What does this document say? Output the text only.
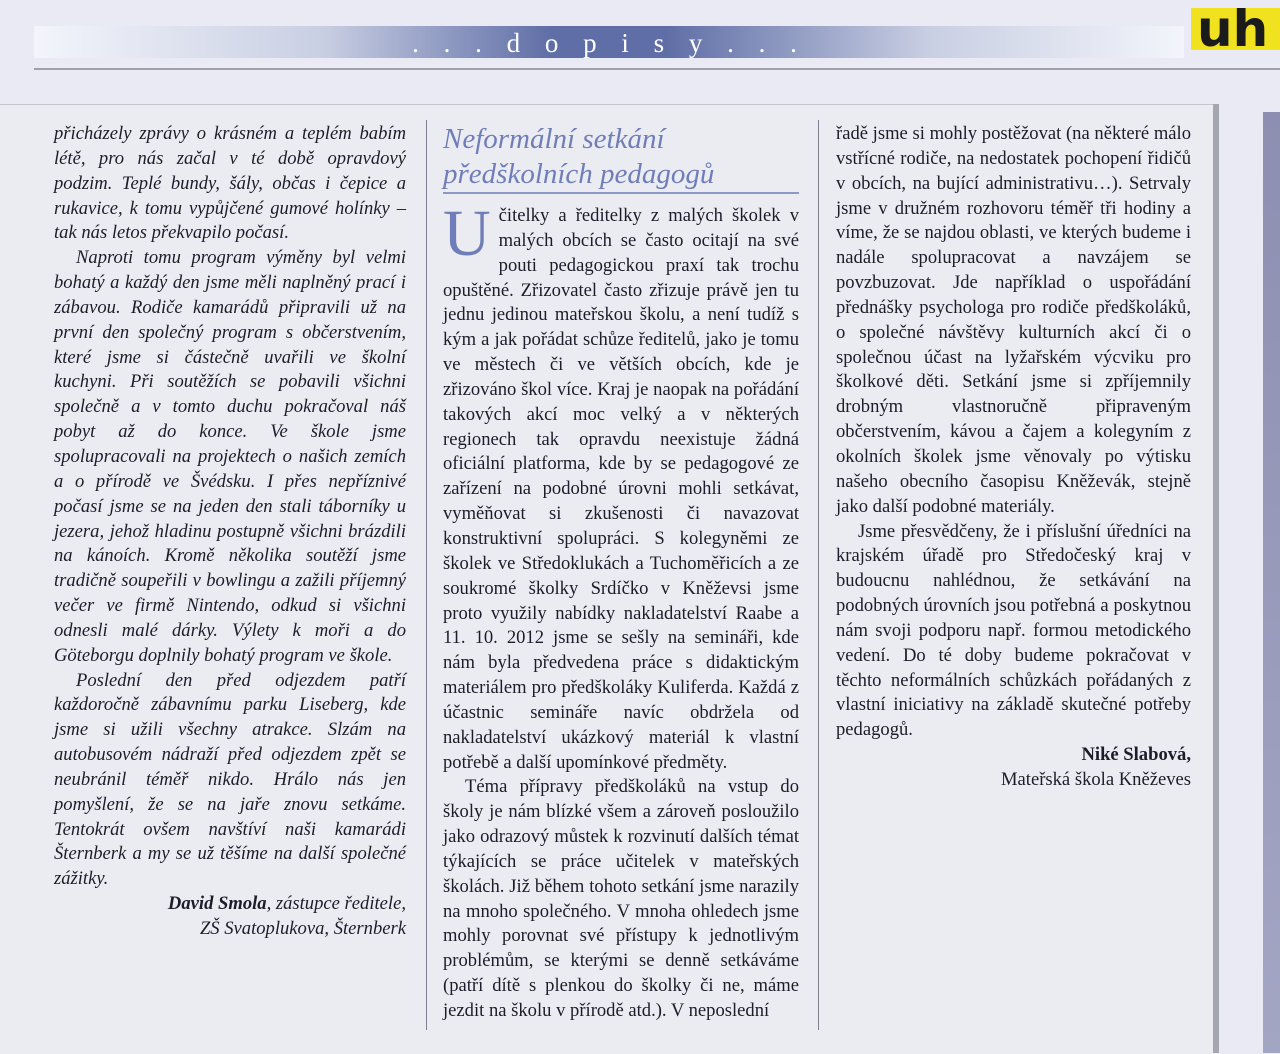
. . . d o p i s y . . .	uh

přicházely zprávy o krásném a teplém babím létě, pro nás začal v té době opravdový podzim. Teplé bundy, šály, občas i čepice a rukavice, k tomu vypůjčené gumové holínky – tak nás letos překvapilo počasí.

Naproti tomu program výměny byl velmi bohatý a každý den jsme měli naplněný prací i zábavou. Rodiče kamarádů připravili už na první den společný program s občerstvením, které jsme si částečně uvařili ve školní kuchyni. Při soutěžích se pobavili všichni společně a v tomto duchu pokračoval náš pobyt až do konce. Ve škole jsme spolupracovali na projektech o našich zemích a o přírodě ve Švédsku. I přes nepříznivé počasí jsme se na jeden den stali táborníky u jezera, jehož hladinu postupně všichni brázdili na kánoích. Kromě několika soutěží jsme tradičně soupeřili v bowlingu a zažili příjemný večer ve firmě Nintendo, odkud si všichni odnesli malé dárky. Výlety k moři a do Göteborgu doplnily bohatý program ve škole.

Poslední den před odjezdem patří každoročně zábavnímu parku Liseberg, kde jsme si užili všechny atrakce. Slzám na autobusovém nádraží před odjezdem zpět se neubránil téměř nikdo. Hrálo nás jen pomyšlení, že se na jaře znovu setkáme. Tentokrát ovšem navštíví naši kamarádi Šternberk a my se už těšíme na další společné zážitky.

David Smola, zástupce ředitele,

ZŠ Svatoplukova, Šternberk

Neformální setkání
předškolních pedagogů

Učitelky a ředitelky z malých školek v malých obcích se často ocitají na své pouti pedagogickou praxí tak trochu opuštěné. Zřizovatel často zřizuje právě jen tu jednu jedinou mateřskou školu, a není tudíž s kým a jak pořádat schůze ředitelů, jako je tomu ve městech či ve větších obcích, kde je zřizováno škol více. Kraj je naopak na pořádání takových akcí moc velký a v některých regionech tak opravdu neexistuje žádná oficiální platforma, kde by se pedagogové ze zařízení na podobné úrovni mohli setkávat, vyměňovat si zkušenosti či navazovat konstruktivní spolupráci. S kolegyněmi ze školek ve Středoklukách a Tuchoměřicích a ze soukromé školky Srdíčko v Kněževsi jsme proto využily nabídky nakladatelství Raabe a 11. 10. 2012 jsme se sešly na semináři, kde nám byla předvedena práce s didaktickým materiálem pro předškoláky Kuliferda. Každá z účastnic semináře navíc obdržela od nakladatelství ukázkový materiál k vlastní potřebě a další upomínkové předměty.

Téma přípravy předškoláků na vstup do školy je nám blízké všem a zároveň posloužilo jako odrazový můstek k rozvinutí dalších témat týkajících se práce učitelek v mateřských školách. Již během tohoto setkání jsme narazily na mnoho společného. V mnoha ohledech jsme mohly porovnat své přístupy k jednotlivým problémům, se kterými se denně setkáváme (patří dítě s plenkou do školky či ne, máme jezdit na školu v přírodě atd.). V neposlední

řadě jsme si mohly postěžovat (na některé málo vstřícné rodiče, na nedostatek pochopení řidičů v obcích, na bující administrativu…). Setrvaly jsme v družném rozhovoru téměř tři hodiny a víme, že se najdou oblasti, ve kterých budeme i nadále spolupracovat a navzájem se povzbuzovat. Jde například o uspořádání přednášky psychologa pro rodiče předškoláků, o společné návštěvy kulturních akcí či o společnou účast na lyžařském výcviku pro školkové děti. Setkání jsme si zpříjemnily drobným vlastnoručně připraveným občerstvením, kávou a čajem a kolegyním z okolních školek jsme věnovaly po výtisku našeho obecního časopisu Kněževák, stejně jako další podobné materiály.

Jsme přesvědčeny, že i příslušní úředníci na krajském úřadě pro Středočeský kraj v budoucnu nahlédnou, že setkávání na podobných úrovních jsou potřebná a poskytnou nám svoji podporu např. formou metodického vedení. Do té doby budeme pokračovat v těchto neformálních schůzkách pořádaných z vlastní iniciativy na základě skutečné potřeby pedagogů.

Niké Slabová,

Mateřská škola Kněževes
